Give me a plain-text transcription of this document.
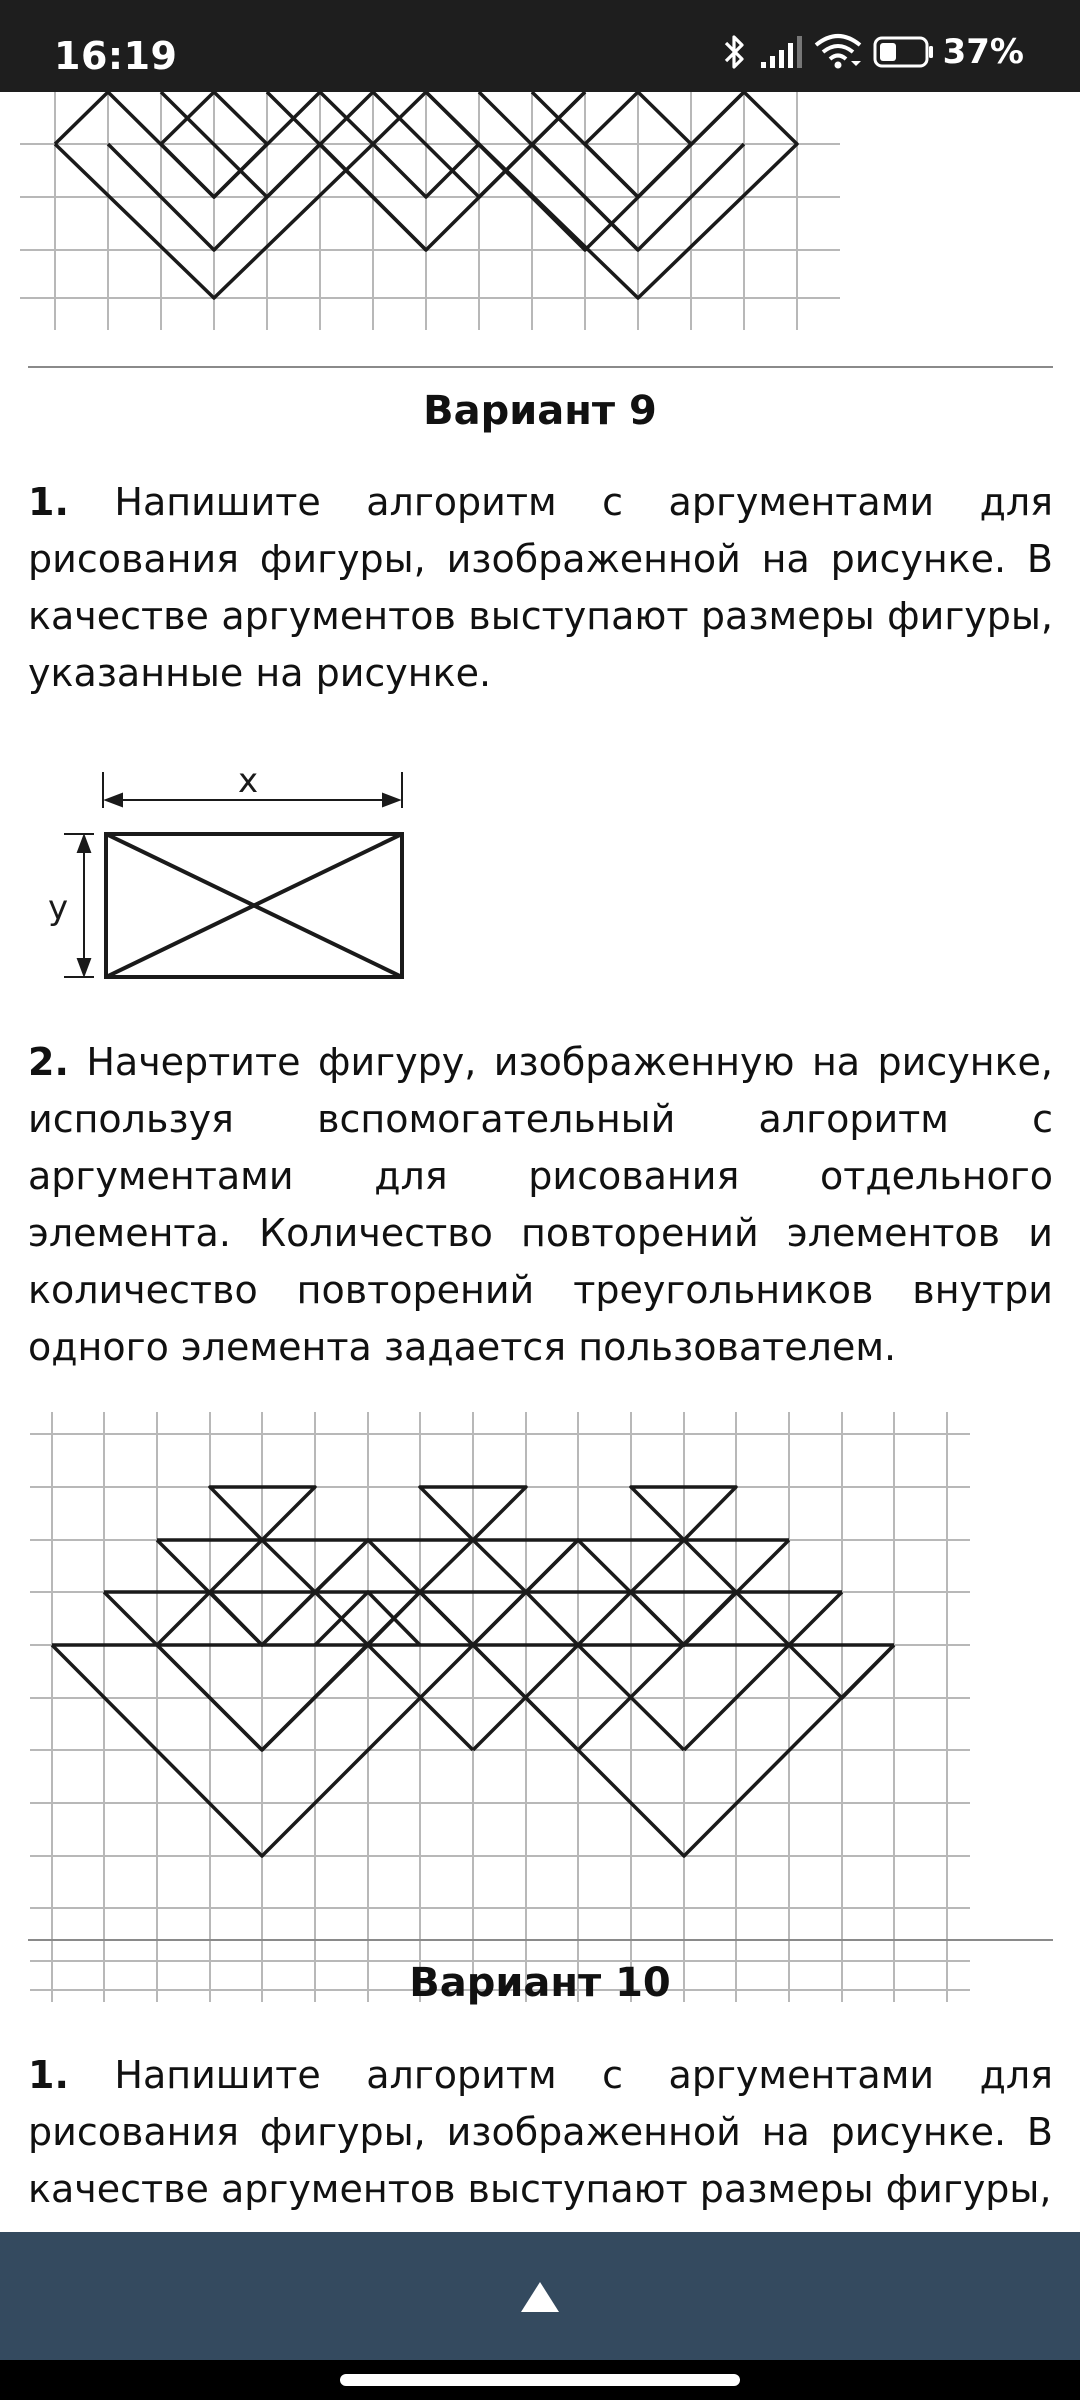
16:19	37%
Вариант 9

1. Напишите алгоритм с аргументами для рисования фигуры, изображенной на рисунке. В качестве аргументов выступают размеры фигуры, указанные на рисунке.

x
y

2. Начертите фигуру, изображенную на рисунке, используя вспомогательный алгоритм с аргументами для рисования отдельного элемента. Количество повторений элементов и количество повторений треугольников внутри одного элемента задается пользователем.

Вариант 10

1. Напишите алгоритм с аргументами для рисования фигуры, изображенной на рисунке. В качестве аргументов выступают размеры фигуры,
